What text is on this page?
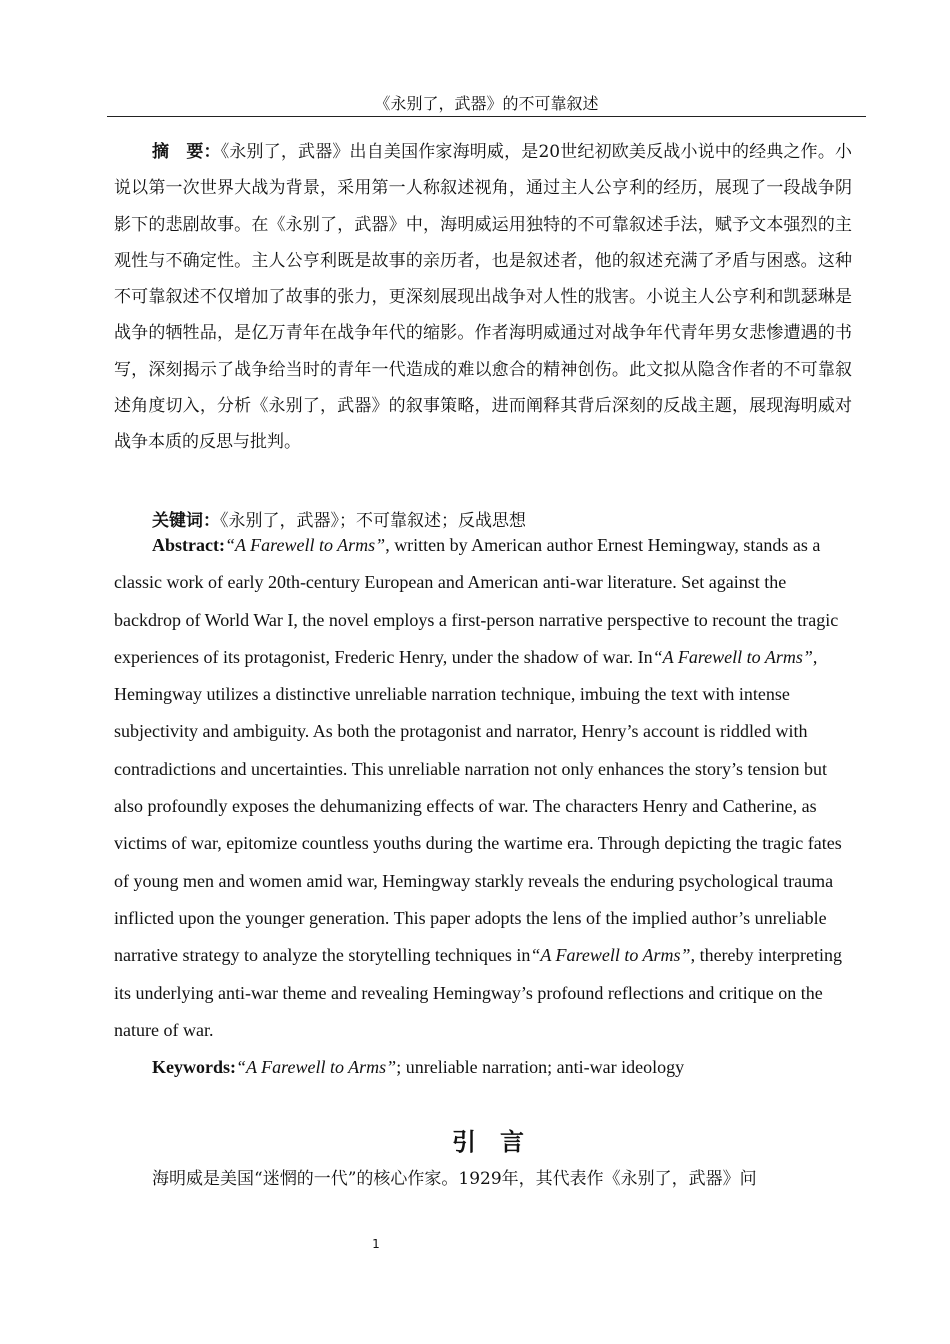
《永别了，武器》的不可靠叙述

摘　要：《永别了，武器》出自美国作家海明威，是20世纪初欧美反战小说中的经典之作。小说以第一次世界大战为背景，采用第一人称叙述视角，通过主人公亨利的经历，展现了一段战争阴影下的悲剧故事。在《永别了，武器》中，海明威运用独特的不可靠叙述手法，赋予文本强烈的主观性与不确定性。主人公亨利既是故事的亲历者，也是叙述者，他的叙述充满了矛盾与困惑。这种不可靠叙述不仅增加了故事的张力，更深刻展现出战争对人性的戕害。小说主人公亨利和凯瑟琳是战争的牺牲品，是亿万青年在战争年代的缩影。作者海明威通过对战争年代青年男女悲惨遭遇的书写，深刻揭示了战争给当时的青年一代造成的难以愈合的精神创伤。此文拟从隐含作者的不可靠叙述角度切入，分析《永别了，武器》的叙事策略，进而阐释其背后深刻的反战主题，展现海明威对战争本质的反思与批判。

关键词：《永别了，武器》；不可靠叙述；反战思想

Abstract:“A Farewell to Arms”, written by American author Ernest Hemingway, stands as a classic work of early 20th-century European and American anti-war literature. Set against the backdrop of World War I, the novel employs a first-person narrative perspective to recount the tragic experiences of its protagonist, Frederic Henry, under the shadow of war. In“A Farewell to Arms”, Hemingway utilizes a distinctive unreliable narration technique, imbuing the text with intense subjectivity and ambiguity. As both the protagonist and narrator, Henry’s account is riddled with contradictions and uncertainties. This unreliable narration not only enhances the story’s tension but also profoundly exposes the dehumanizing effects of war. The characters Henry and Catherine, as victims of war, epitomize countless youths during the wartime era. Through depicting the tragic fates of young men and women amid war, Hemingway starkly reveals the enduring psychological trauma inflicted upon the younger generation. This paper adopts the lens of the implied author’s unreliable narrative strategy to analyze the storytelling techniques in“A Farewell to Arms”, thereby interpreting its underlying anti-war theme and revealing Hemingway’s profound reflections and critique on the nature of war.

Keywords:“A Farewell to Arms”; unreliable narration; anti-war ideology

引言

海明威是美国“迷惘的一代”的核心作家。1929年，其代表作《永别了，武器》问

1
